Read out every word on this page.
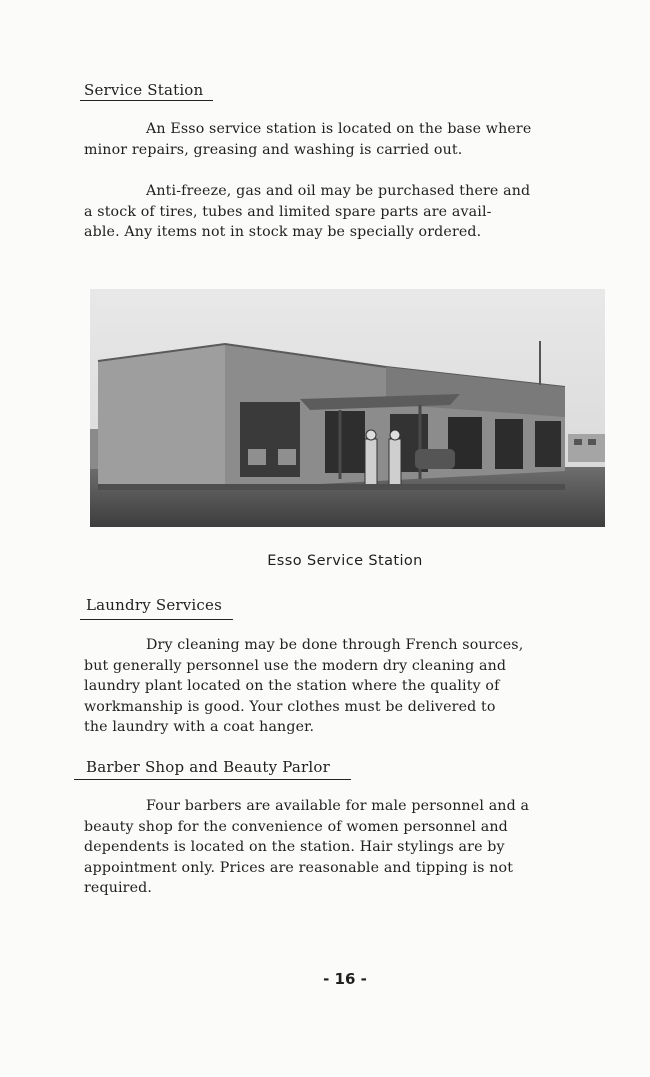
Service Station
An Esso service station is located on the base where
minor repairs, greasing and washing is carried out.
Anti-freeze, gas and oil may be purchased there and
a stock of tires, tubes and limited spare parts are avail-
able. Any items not in stock may be specially ordered.
Esso Service Station
Laundry Services
Dry cleaning may be done through French sources,
but generally personnel use the modern dry cleaning and
laundry plant located on the station where the quality of
workmanship is good. Your clothes must be delivered to
the laundry with a coat hanger.
Barber Shop and Beauty Parlor
Four barbers are available for male personnel and a
beauty shop for the convenience of women personnel and
dependents is located on the station. Hair stylings are by
appointment only. Prices are reasonable and tipping is not
required.
- 16 -
